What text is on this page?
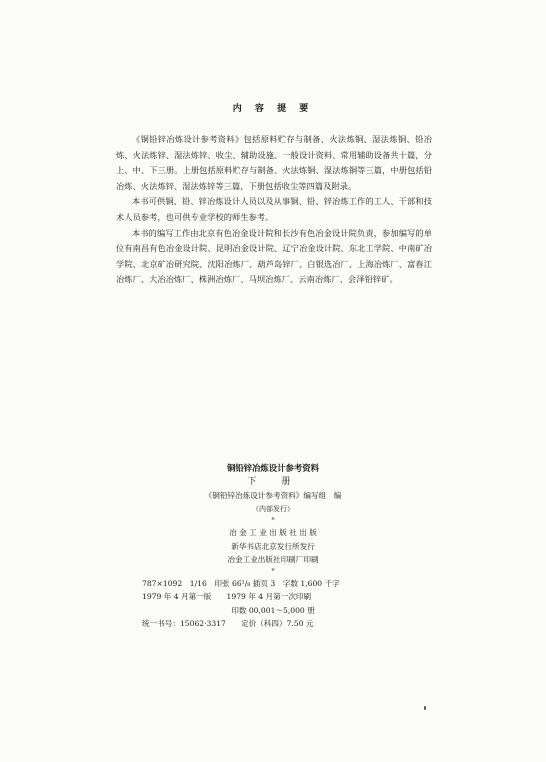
内 容 提 要

《铜铅锌冶炼设计参考资料》包括原料贮存与制备、火法炼铜、湿法炼铜、铅冶炼、火法炼锌、湿法炼锌、收尘、辅助设施、一般设计资料、常用辅助设备共十篇，分上、中、下三册。上册包括原料贮存与制备、火法炼铜、湿法炼铜等三篇，中册包括铅冶炼、火法炼锌、湿法炼锌等三篇，下册包括收尘等四篇及附录。

本书可供铜、铅、锌冶炼设计人员以及从事铜、铅、锌冶炼工作的工人、干部和技术人员参考，也可供专业学校的师生参考。

本书的编写工作由北京有色冶金设计院和长沙有色冶金设计院负责，参加编写的单位有南昌有色冶金设计院、昆明冶金设计院、辽宁冶金设计院、东北工学院、中南矿冶学院、北京矿冶研究院、沈阳冶炼厂、葫芦岛锌厂、白银选冶厂、上海冶炼厂、富春江冶炼厂、大冶冶炼厂、株洲冶炼厂、马坝冶炼厂、云南冶炼厂、会泽铅锌矿。

铜铅锌冶炼设计参考资料
下　册
《铜铅锌冶炼设计参考资料》编写组　编
（内部发行）
*
冶 金 工 业 出 版 社 出 版
新华书店北京发行所发行
冶金工业出版社印刷厂印刷
*
787×1092　1/16　印张 66¹/₈ 插页 3　字数 1,600 千字
1979 年 4 月第一版　　1979 年 4 月第一次印刷
印数 00,001～5,000 册
统一书号：15062·3317　　定价（科四）7.50 元
